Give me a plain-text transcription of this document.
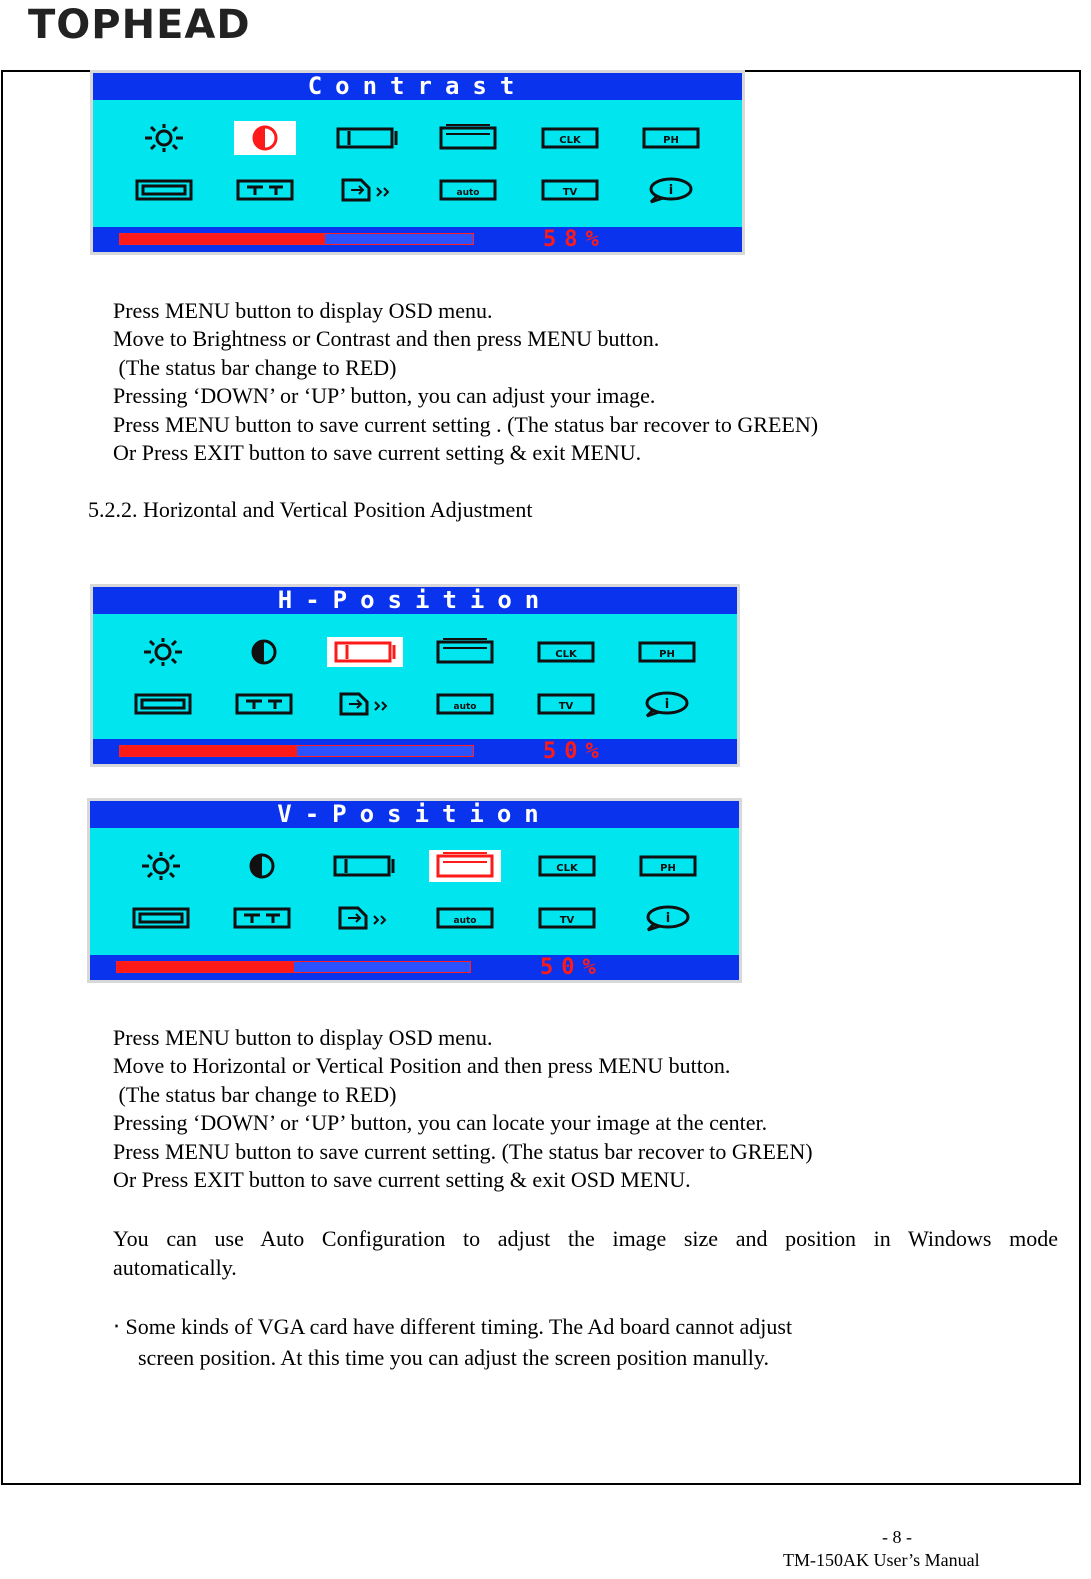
TOPHEAD
Contrast
CLK	PH
auto	TV	i
58%
Press MENU button to display OSD menu.
Move to Brightness or Contrast and then press MENU button.
(The status bar change to RED)
Pressing ‘DOWN’ or ‘UP’ button, you can adjust your image.
Press MENU button to save current setting . (The status bar recover to GREEN)
Or Press EXIT button to save current setting & exit MENU.
5.2.2. Horizontal and Vertical Position Adjustment
H-Position
CLK	PH
auto	TV	i
50%
V-Position
CLK	PH
auto	TV	i
50%
Press MENU button to display OSD menu.
Move to Horizontal or Vertical Position and then press MENU button.
(The status bar change to RED)
Pressing ‘DOWN’ or ‘UP’ button, you can locate your image at the center.
Press MENU button to save current setting. (The status bar recover to GREEN)
Or Press EXIT button to save current setting & exit OSD MENU.
You can use Auto Configuration to adjust the image size and position in Windows mode
automatically.
‧ Some kinds of VGA card have different timing. The Ad board cannot adjust
screen position. At this time you can adjust the screen position manully.
- 8 -
TM-150AK User’s Manual
